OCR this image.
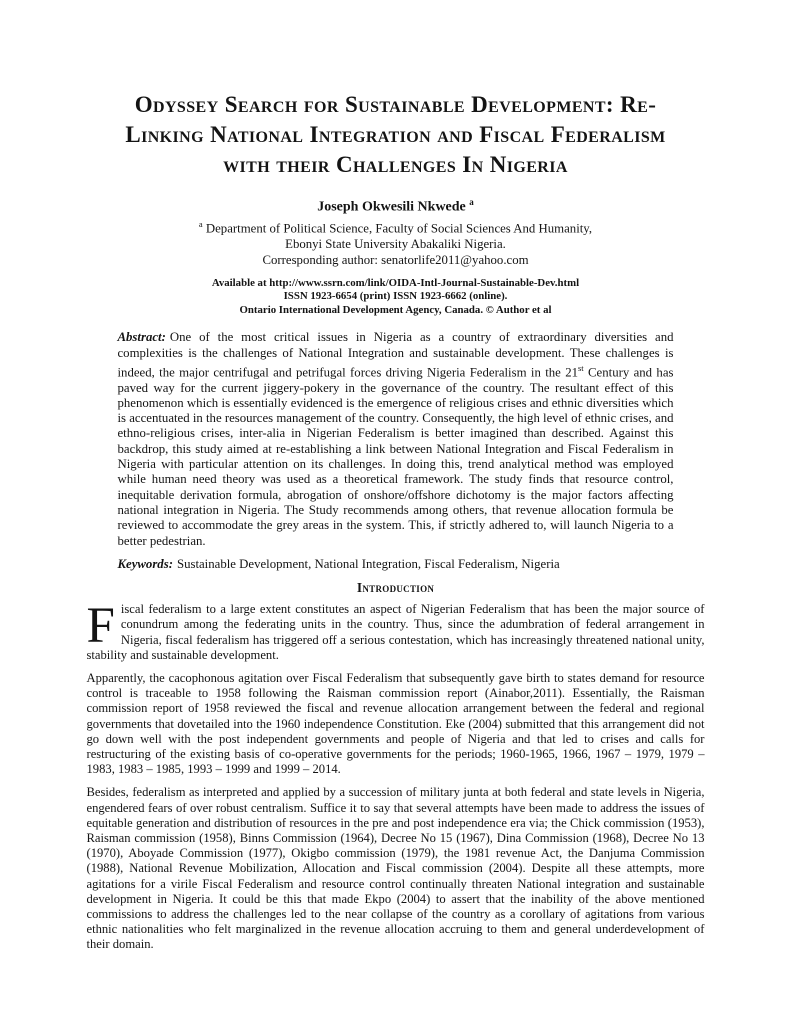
Odyssey Search for Sustainable Development: Re-
Linking National Integration and Fiscal Federalism
with their Challenges In Nigeria
Joseph Okwesili Nkwede $^a$
$^a$ Department of Political Science, Faculty of Social Sciences And Humanity,
Ebonyi State University Abakaliki Nigeria.
Corresponding author: senatorlife2011@yahoo.com
Available at http://www.ssrn.com/link/OIDA-Intl-Journal-Sustainable-Dev.html
ISSN 1923-6654 (print) ISSN 1923-6662 (online).
Ontario International Development Agency, Canada. © Author et al

Abstract: One of the most critical issues in Nigeria as a country of extraordinary diversities and complexities is the challenges of National Integration and sustainable development. These challenges is indeed, the major centrifugal and petrifugal forces driving Nigeria Federalism in the 21st Century and has paved way for the current jiggery-pokery in the governance of the country. The resultant effect of this phenomenon which is essentially evidenced is the emergence of religious crises and ethnic diversities which is accentuated in the resources management of the country. Consequently, the high level of ethnic crises, and ethno-religious crises, inter-alia in Nigerian Federalism is better imagined than described. Against this backdrop, this study aimed at re-establishing a link between National Integration and Fiscal Federalism in Nigeria with particular attention on its challenges. In doing this, trend analytical method was employed while human need theory was used as a theoretical framework. The study finds that resource control, inequitable derivation formula, abrogation of onshore/offshore dichotomy is the major factors affecting national integration in Nigeria. The Study recommends among others, that revenue allocation formula be reviewed to accommodate the grey areas in the system. This, if strictly adhered to, will launch Nigeria to a better pedestrian.

Keywords: Sustainable Development, National Integration, Fiscal Federalism, Nigeria

Introduction

Fiscal federalism to a large extent constitutes an aspect of Nigerian Federalism that has been the major source of conundrum among the federating units in the country. Thus, since the adumbration of federal arrangement in Nigeria, fiscal federalism has triggered off a serious contestation, which has increasingly threatened national unity, stability and sustainable development.

Apparently, the cacophonous agitation over Fiscal Federalism that subsequently gave birth to states demand for resource control is traceable to 1958 following the Raisman commission report (Ainabor,2011). Essentially, the Raisman commission report of 1958 reviewed the fiscal and revenue allocation arrangement between the federal and regional governments that dovetailed into the 1960 independence Constitution. Eke (2004) submitted that this arrangement did not go down well with the post independent governments and people of Nigeria and that led to crises and calls for restructuring of the existing basis of co-operative governments for the periods; 1960-1965, 1966, 1967 – 1979, 1979 – 1983, 1983 – 1985, 1993 – 1999 and 1999 – 2014.

Besides, federalism as interpreted and applied by a succession of military junta at both federal and state levels in Nigeria, engendered fears of over robust centralism. Suffice it to say that several attempts have been made to address the issues of equitable generation and distribution of resources in the pre and post independence era via; the Chick commission (1953), Raisman commission (1958), Binns Commission (1964), Decree No 15 (1967), Dina Commission (1968), Decree No 13 (1970), Aboyade Commission (1977), Okigbo commission (1979), the 1981 revenue Act, the Danjuma Commission (1988), National Revenue Mobilization, Allocation and Fiscal commission (2004). Despite all these attempts, more agitations for a virile Fiscal Federalism and resource control continually threaten National integration and sustainable development in Nigeria. It could be this that made Ekpo (2004) to assert that the inability of the above mentioned commissions to address the challenges led to the near collapse of the country as a corollary of agitations from various ethnic nationalities who felt marginalized in the revenue allocation accruing to them and general underdevelopment of their domain.
